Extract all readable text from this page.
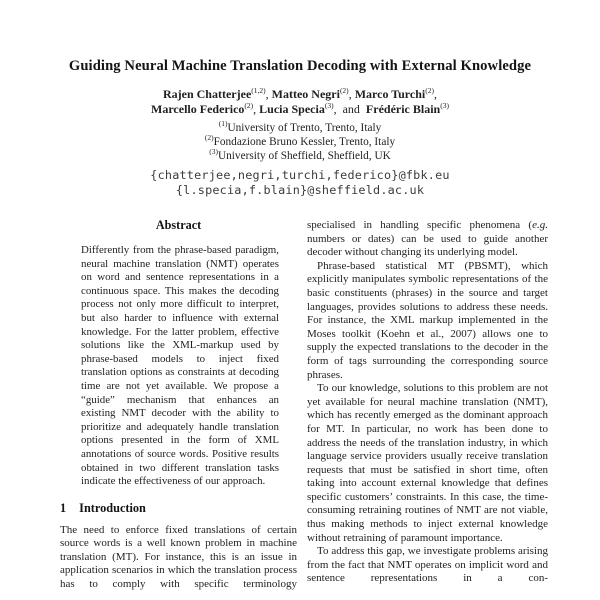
Guiding Neural Machine Translation Decoding with External Knowledge
Rajen Chatterjee$^{(1,2)}$, Matteo Negri$^{(2)}$, Marco Turchi$^{(2)}$,
Marcello Federico$^{(2)}$, Lucia Specia$^{(3)}$,  and  Frédéric Blain$^{(3)}$
$^{(1)}$University of Trento, Trento, Italy
$^{(2)}$Fondazione Bruno Kessler, Trento, Italy
$^{(3)}$University of Sheffield, Sheffield, UK
{chatterjee,negri,turchi,federico}@fbk.eu
{l.specia,f.blain}@sheffield.ac.uk
Abstract

Differently from the phrase-based paradigm, neural machine translation (NMT) operates on word and sentence representations in a continuous space. This makes the decoding process not only more difficult to interpret, but also harder to influence with external knowledge. For the latter problem, effective solutions like the XML-markup used by phrase-based models to inject fixed translation options as constraints at decoding time are not yet available. We propose a “guide” mechanism that enhances an existing NMT decoder with the ability to prioritize and adequately handle translation options presented in the form of XML annotations of source words. Positive results obtained in two different translation tasks indicate the effectiveness of our approach.

1 Introduction

The need to enforce fixed translations of certain source words is a well known problem in machine translation (MT). For instance, this is an issue in application scenarios in which the translation process has to comply with specific terminology

specialised in handling specific phenomena (e.g. numbers or dates) can be used to guide another decoder without changing its underlying model.

Phrase-based statistical MT (PBSMT), which explicitly manipulates symbolic representations of the basic constituents (phrases) in the source and target languages, provides solutions to address these needs. For instance, the XML markup implemented in the Moses toolkit (Koehn et al., 2007) allows one to supply the expected translations to the decoder in the form of tags surrounding the corresponding source phrases.

To our knowledge, solutions to this problem are not yet available for neural machine translation (NMT), which has recently emerged as the dominant approach for MT. In particular, no work has been done to address the needs of the translation industry, in which language service providers usually receive translation requests that must be satisfied in short time, often taking into account external knowledge that defines specific customers’ constraints. In this case, the time-consuming retraining routines of NMT are not viable, thus making methods to inject external knowledge without retraining of paramount importance.

To address this gap, we investigate problems arising from the fact that NMT operates on implicit word and sentence representations in a con-
